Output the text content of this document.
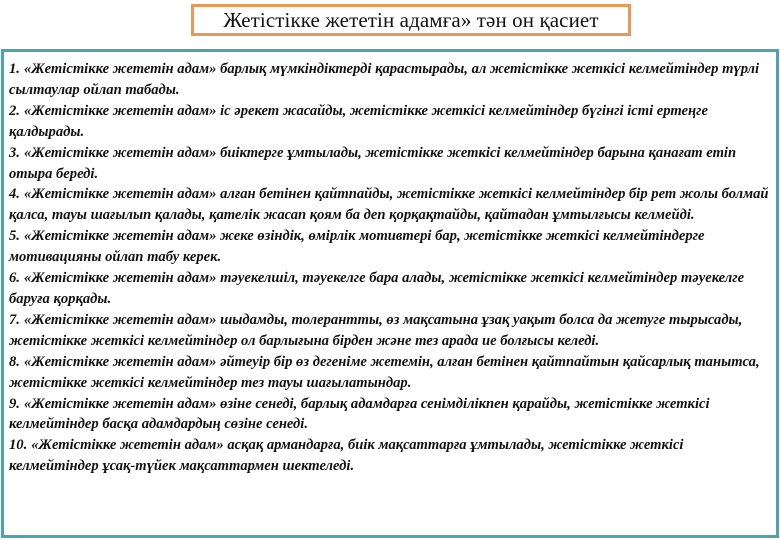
Жетістікке жететін адамға» тән он қасиет

1. «Жетістікке жететін адам» барлық мүмкіндіктерді қарастырады, ал жетістікке жеткісі келмейтіндер түрлі сылтаулар ойлап табады.

2. «Жетістікке жететін адам» іс әрекет жасайды, жетістікке жеткісі келмейтіндер бүгінгі істі ертеңге қалдырады.

3. «Жетістікке жететін адам» биіктерге ұмтылады, жетістікке жеткісі келмейтіндер барына қанағат етіп отыра береді.

4. «Жетістікке жететін адам» алған бетінен қайтпайды, жетістікке жеткісі келмейтіндер бір рет жолы болмай қалса, тауы шағылып қалады, қателік жасап қоям ба деп қорқақтайды, қайтадан ұмтылғысы келмейді.

5. «Жетістікке жететін адам» жеке өзіндік, өмірлік мотивтері бар, жетістікке жеткісі келмейтіндерге мотивацияны ойлап табу керек.

6. «Жетістікке жететін адам» тәуекелшіл, тәуекелге бара алады, жетістікке жеткісі келмейтіндер тәуекелге баруға қорқады.

7. «Жетістікке жететін адам» шыдамды, толерантты, өз мақсатына ұзақ уақыт болса да жетуге тырысады, жетістікке жеткісі келмейтіндер ол барлығына бірден және тез арада ие болғысы келеді.

8. «Жетістікке жететін адам» әйтеуір бір өз дегеніме жетемін, алған бетінен қайтпайтын қайсарлық танытса, жетістікке жеткісі келмейтіндер тез тауы шағылатындар.

9. «Жетістікке жететін адам» өзіне сенеді, барлық адамдарға сенімділікпен қарайды, жетістікке жеткісі келмейтіндер басқа адамдардың сөзіне сенеді.

10. «Жетістікке жететін адам» асқақ армандарға, биік мақсаттарға ұмтылады, жетістікке жеткісі келмейтіндер ұсақ-түйек мақсаттармен шектеледі.
